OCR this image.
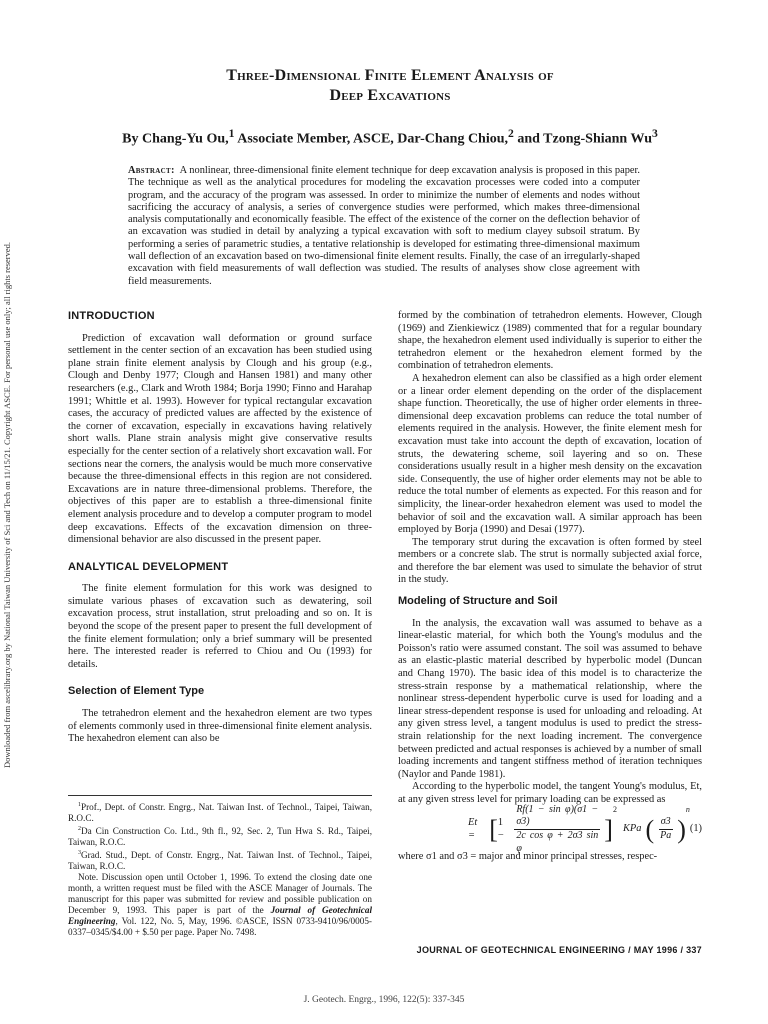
Downloaded from ascelibrary.org by National Taiwan University of Sci and Tech on 11/15/21. Copyright ASCE. For personal use only; all rights reserved.
Three-Dimensional Finite Element Analysis of
Deep Excavations
By Chang-Yu Ou,$^1$ Associate Member, ASCE, Dar-Chang Chiou,$^2$ and Tzong-Shiann Wu$^3$
Abstract: A nonlinear, three-dimensional finite element technique for deep excavation analysis is proposed in this paper. The technique as well as the analytical procedures for modeling the excavation processes were coded into a computer program, and the accuracy of the program was assessed. In order to minimize the number of elements and nodes without sacrificing the accuracy of analysis, a series of convergence studies were performed, which makes three-dimensional analysis computationally and economically feasible. The effect of the existence of the corner on the deflection behavior of an excavation was studied in detail by analyzing a typical excavation with soft to medium clayey subsoil stratum. By performing a series of parametric studies, a tentative relationship is developed for estimating three-dimensional maximum wall deflection of an excavation based on two-dimensional finite element results. Finally, the case of an irregularly-shaped excavation with field measurements of wall deflection was studied. The results of analyses show close agreement with field measurements.
INTRODUCTION

Prediction of excavation wall deformation or ground surface settlement in the center section of an excavation has been studied using plane strain finite element analysis by Clough and his group (e.g., Clough and Denby 1977; Clough and Hansen 1981) and many other researchers (e.g., Clark and Wroth 1984; Borja 1990; Finno and Harahap 1991; Whittle et al. 1993). However for typical rectangular excavation cases, the accuracy of predicted values are affected by the existence of the corner of excavation, especially in excavations having relatively short walls. Plane strain analysis might give conservative results especially for the center section of a relatively short excavation wall. For sections near the corners, the analysis would be much more conservative because the three-dimensional effects in this region are not considered. Excavations are in nature three-dimensional problems. Therefore, the objectives of this paper are to establish a three-dimensional finite element analysis procedure and to develop a computer program to model deep excavations. Effects of the excavation dimension on three-dimensional behavior are also discussed in the present paper.

ANALYTICAL DEVELOPMENT

The finite element formulation for this work was designed to simulate various phases of excavation such as dewatering, soil excavation process, strut installation, strut preloading and so on. It is beyond the scope of the present paper to present the full development of the finite element formulation; only a brief summary will be presented here. The interested reader is referred to Chiou and Ou (1993) for details.

Selection of Element Type

The tetrahedron element and the hexahedron element are two types of elements commonly used in three-dimensional finite element analysis. The hexahedron element can also be

$^1$Prof., Dept. of Constr. Engrg., Nat. Taiwan Inst. of Technol., Taipei, Taiwan, R.O.C.

$^2$Da Cin Construction Co. Ltd., 9th fl., 92, Sec. 2, Tun Hwa S. Rd., Taipei, Taiwan, R.O.C.

$^3$Grad. Stud., Dept. of Constr. Engrg., Nat. Taiwan Inst. of Technol., Taipei, Taiwan, R.O.C.

Note. Discussion open until October 1, 1996. To extend the closing date one month, a written request must be filed with the ASCE Manager of Journals. The manuscript for this paper was submitted for review and possible publication on December 9, 1993. This paper is part of the Journal of Geotechnical Engineering, Vol. 122, No. 5, May, 1996. ©ASCE, ISSN 0733-9410/96/0005-0337–0345/$4.00 + $.50 per page. Paper No. 7498.

formed by the combination of tetrahedron elements. However, Clough (1969) and Zienkiewicz (1989) commented that for a regular boundary shape, the hexahedron element used individually is superior to either the tetrahedron element or the hexahedron element formed by the combination of tetrahedron elements.

A hexahedron element can also be classified as a high order element or a linear order element depending on the order of the displacement shape function. Theoretically, the use of higher order elements in three-dimensional deep excavation problems can reduce the total number of elements required in the analysis. However, the finite element mesh for excavation must take into account the depth of excavation, location of struts, the dewatering scheme, soil layering and so on. These considerations usually result in a higher mesh density on the excavation side. Consequently, the use of higher order elements may not be able to reduce the total number of elements as expected. For this reason and for simplicity, the linear-order hexahedron element was used to model the behavior of soil and the excavation wall. A similar approach has been employed by Borja (1990) and Desai (1977).

The temporary strut during the excavation is often formed by steel members or a concrete slab. The strut is normally subjected axial force, and therefore the bar element was used to simulate the behavior of strut in the study.

Modeling of Structure and Soil

In the analysis, the excavation wall was assumed to behave as a linear-elastic material, for which both the Young's modulus and the Poisson's ratio were assumed constant. The soil was assumed to behave as an elastic-plastic material described by hyperbolic model (Duncan and Chang 1970). The basic idea of this model is to characterize the stress-strain response by a mathematical relationship, where the nonlinear stress-dependent hyperbolic curve is used for loading and a linear stress-dependent response is used for unloading and reloading. At any given stress level, a tangent modulus is used to predict the stress-strain relationship for the next loading increment. The convergence between predicted and actual responses is achieved by a number of small loading increments and tangent stiffness method of iteration techniques (Naylor and Pande 1981).

According to the hyperbolic model, the tangent Young's modulus, Et, at any given stress level for primary loading can be expressed as

Et = [ 1 −	$\frac{\text{Rf(1 − sin φ)(σ1 − σ3)}}{\text{2c cos φ + 2σ3 sin φ}}$ ]
2
KPa ( $\frac{\sigma 3}{Pa}$ )
n
(1)

where σ1 and σ3 = major and minor principal stresses, respec-

JOURNAL OF GEOTECHNICAL ENGINEERING / MAY 1996 / 337
J. Geotech. Engrg., 1996, 122(5): 337-345
